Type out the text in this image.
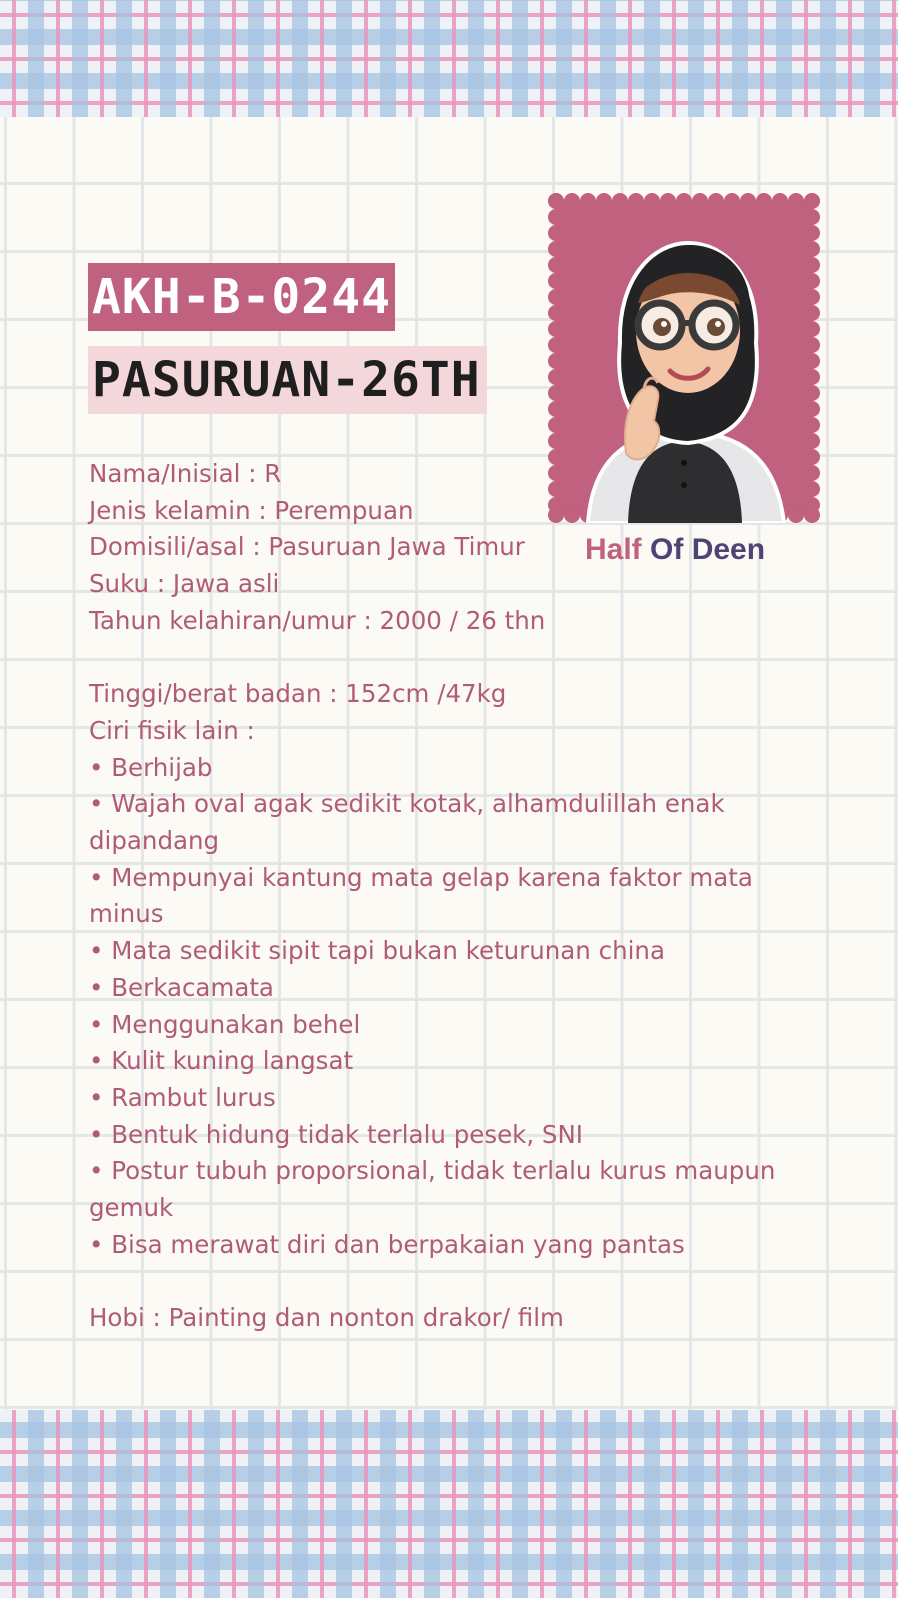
AKH-B-0244
PASURUAN-26TH
Half Of Deen
Nama/Inisial : R
Jenis kelamin : Perempuan
Domisili/asal : Pasuruan Jawa Timur
Suku : Jawa asli
Tahun kelahiran/umur : 2000 / 26 thn
Tinggi/berat badan : 152cm /47kg
Ciri fisik lain :
• Berhijab
• Wajah oval agak sedikit kotak, alhamdulillah enak
dipandang
• Mempunyai kantung mata gelap karena faktor mata
minus
• Mata sedikit sipit tapi bukan keturunan china
• Berkacamata
• Menggunakan behel
• Kulit kuning langsat
• Rambut lurus
• Bentuk hidung tidak terlalu pesek, SNI
• Postur tubuh proporsional, tidak terlalu kurus maupun
gemuk
• Bisa merawat diri dan berpakaian yang pantas
Hobi : Painting dan nonton drakor/ film
